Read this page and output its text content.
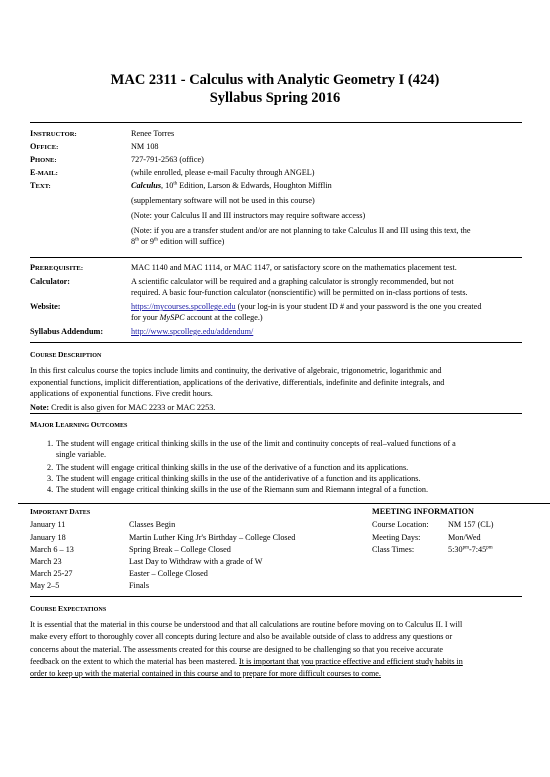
MAC 2311 - Calculus with Analytic Geometry I (424)
Syllabus Spring 2016
INSTRUCTOR:	Renee Torres
OFFICE:	NM 108
PHONE:	727-791-2563 (office)
E-MAIL:	(while enrolled, please e-mail Faculty through ANGEL)
TEXT:	Calculus, 10th Edition, Larson & Edwards, Houghton Mifflin
(supplementary software will not be used in this course)
(Note: your Calculus II and III instructors may require software access)
(Note: if you are a transfer student and/or are not planning to take Calculus II and III using this text, the
8th or 9th edition will suffice)
PREREQUISITE:	MAC 1140 and MAC 1114, or MAC 1147, or satisfactory score on the mathematics placement test.
Calculator:	A scientific calculator will be required and a graphing calculator is strongly recommended, but not
required. A basic four-function calculator (nonscientific) will be permitted on in-class portions of tests.
Website:	https://mycourses.spcollege.edu (your log-in is your student ID # and your password is the one you created
for your MySPC account at the college.)
Syllabus Addendum:	http://www.spcollege.edu/addendum/
COURSE DESCRIPTION
In this first calculus course the topics include limits and continuity, the derivative of algebraic, trigonometric, logarithmic and
exponential functions, implicit differentiation, applications of the derivative, differentials, indefinite and definite integrals, and
applications of exponential functions. Five credit hours.
Note: Credit is also given for MAC 2233 or MAC 2253.
MAJOR LEARNING OUTCOMES
1. The student will engage critical thinking skills in the use of the limit and continuity concepts of real–valued functions of a
single variable.
2. The student will engage critical thinking skills in the use of the derivative of a function and its applications.
3. The student will engage critical thinking skills in the use of the antiderivative of a function and its applications.
4. The student will engage critical thinking skills in the use of the Riemann sum and Riemann integral of a function.
IMPORTANT DATES
January 11	Classes Begin
January 18	Martin Luther King Jr's Birthday – College Closed
March 6 – 13	Spring Break – College Closed
March 23	Last Day to Withdraw with a grade of W
March 25-27	Easter – College Closed
May 2–5	Finals
MEETING INFORMATION
Course Location: NM 157 (CL)
Meeting Days:	Mon/Wed
Class Times:	$5:30^{pm}-7:45^{pm}$
COURSE EXPECTATIONS
It is essential that the material in this course be understood and that all calculations are routine before moving on to Calculus II. I will
make every effort to thoroughly cover all concepts during lecture and also be available outside of class to address any questions or
concerns about the material. The assessments created for this course are designed to be challenging so that you receive accurate
feedback on the extent to which the material has been mastered. It is important that you practice effective and efficient study habits in
order to keep up with the material contained in this course and to prepare for more difficult courses to come.
